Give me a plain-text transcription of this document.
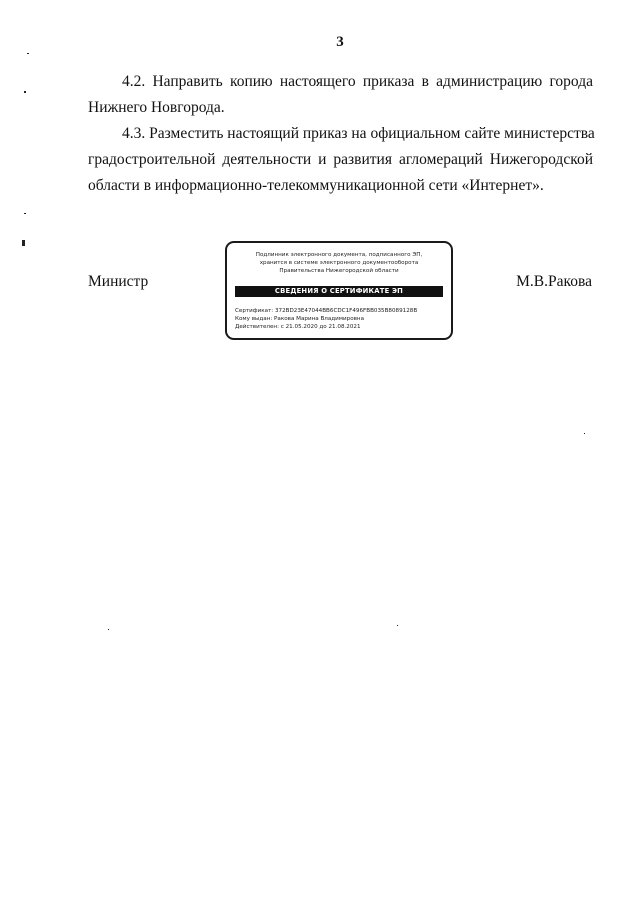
3
4.2. Направить копию настоящего приказа в администрацию города
Нижнего Новгорода.
4.3. Разместить настоящий приказ на официальном сайте министерства
градостроительной деятельности и развития агломераций Нижегородской
области в информационно-телекоммуникационной сети «Интернет».
Министр	М.В.Ракова
Подлинник электронного документа, подписанного ЭП,
хранится в системе электронного документооборота
Правительства Нижегородской области
СВЕДЕНИЯ О СЕРТИФИКАТЕ ЭП
Сертификат: 372BD23E47044BB6CDC1F496FBB035B8089128B
Кому выдан: Ракова Марина Владимировна
Действителен: с 21.05.2020 до 21.08.2021
